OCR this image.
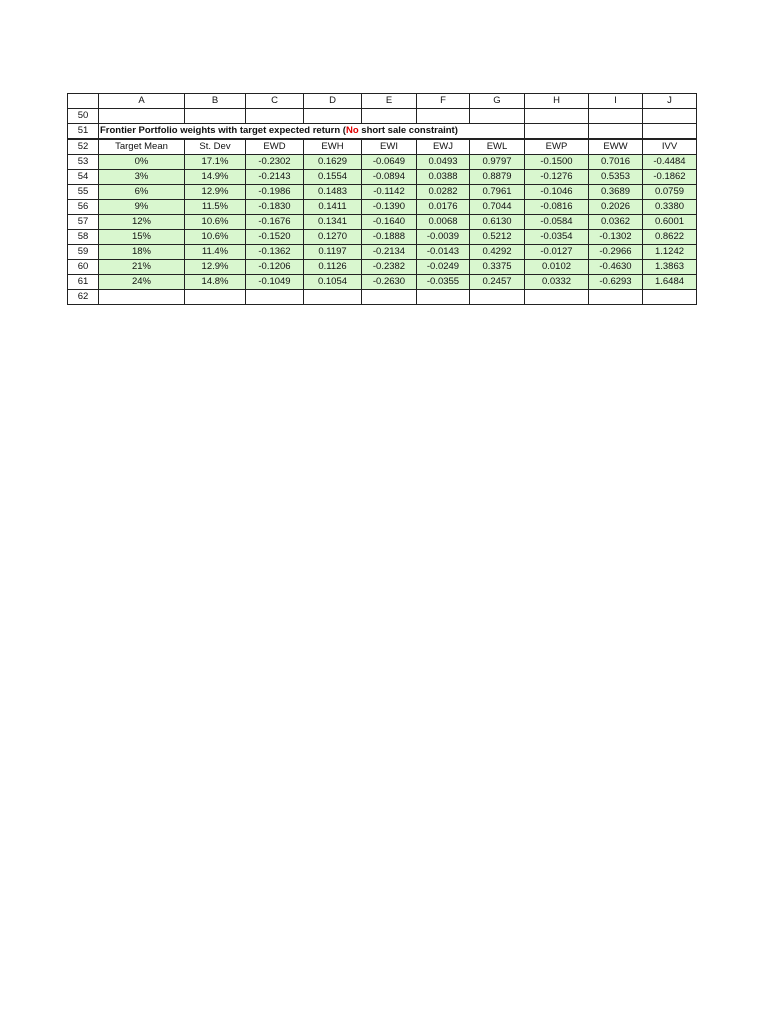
	A	B	C	D	E	F	G	H	I	J
50										
51	Frontier Portfolio weights with target expected return (No short sale constraint)									
52	Target Mean	St. Dev	EWD	EWH	EWI	EWJ	EWL	EWP	EWW	IVV
53	0%	17.1%	-0.2302	0.1629	-0.0649	0.0493	0.9797	-0.1500	0.7016	-0.4484
54	3%	14.9%	-0.2143	0.1554	-0.0894	0.0388	0.8879	-0.1276	0.5353	-0.1862
55	6%	12.9%	-0.1986	0.1483	-0.1142	0.0282	0.7961	-0.1046	0.3689	0.0759
56	9%	11.5%	-0.1830	0.1411	-0.1390	0.0176	0.7044	-0.0816	0.2026	0.3380
57	12%	10.6%	-0.1676	0.1341	-0.1640	0.0068	0.6130	-0.0584	0.0362	0.6001
58	15%	10.6%	-0.1520	0.1270	-0.1888	-0.0039	0.5212	-0.0354	-0.1302	0.8622
59	18%	11.4%	-0.1362	0.1197	-0.2134	-0.0143	0.4292	-0.0127	-0.2966	1.1242
60	21%	12.9%	-0.1206	0.1126	-0.2382	-0.0249	0.3375	0.0102	-0.4630	1.3863
61	24%	14.8%	-0.1049	0.1054	-0.2630	-0.0355	0.2457	0.0332	-0.6293	1.6484
62										
